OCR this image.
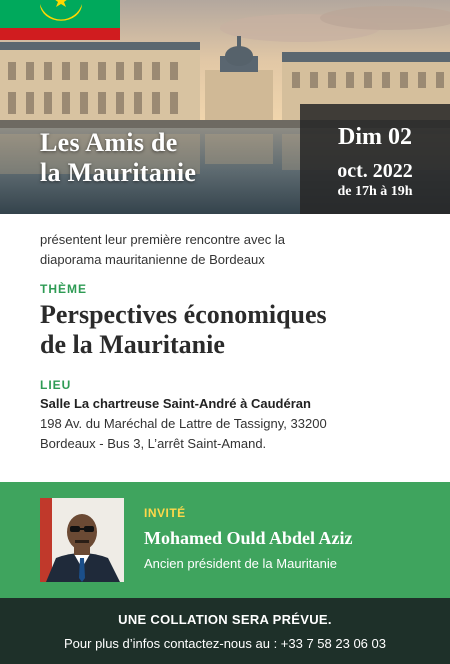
Les Amis de
la Mauritanie
Dim 02
oct. 2022
de 17h à 19h
présentent leur première rencontre avec la
diaporama mauritanienne de Bordeaux
THÈME
Perspectives économiques
de la Mauritanie
LIEU
Salle La chartreuse Saint-André à Caudéran
198 Av. du Maréchal de Lattre de Tassigny, 33200
Bordeaux - Bus 3, L’arrêt Saint-Amand.
INVITÉ
Mohamed Ould Abdel Aziz
Ancien président de la Mauritanie
UNE COLLATION SERA PRÉVUE.
Pour plus d’infos contactez-nous au : +33 7 58 23 06 03
